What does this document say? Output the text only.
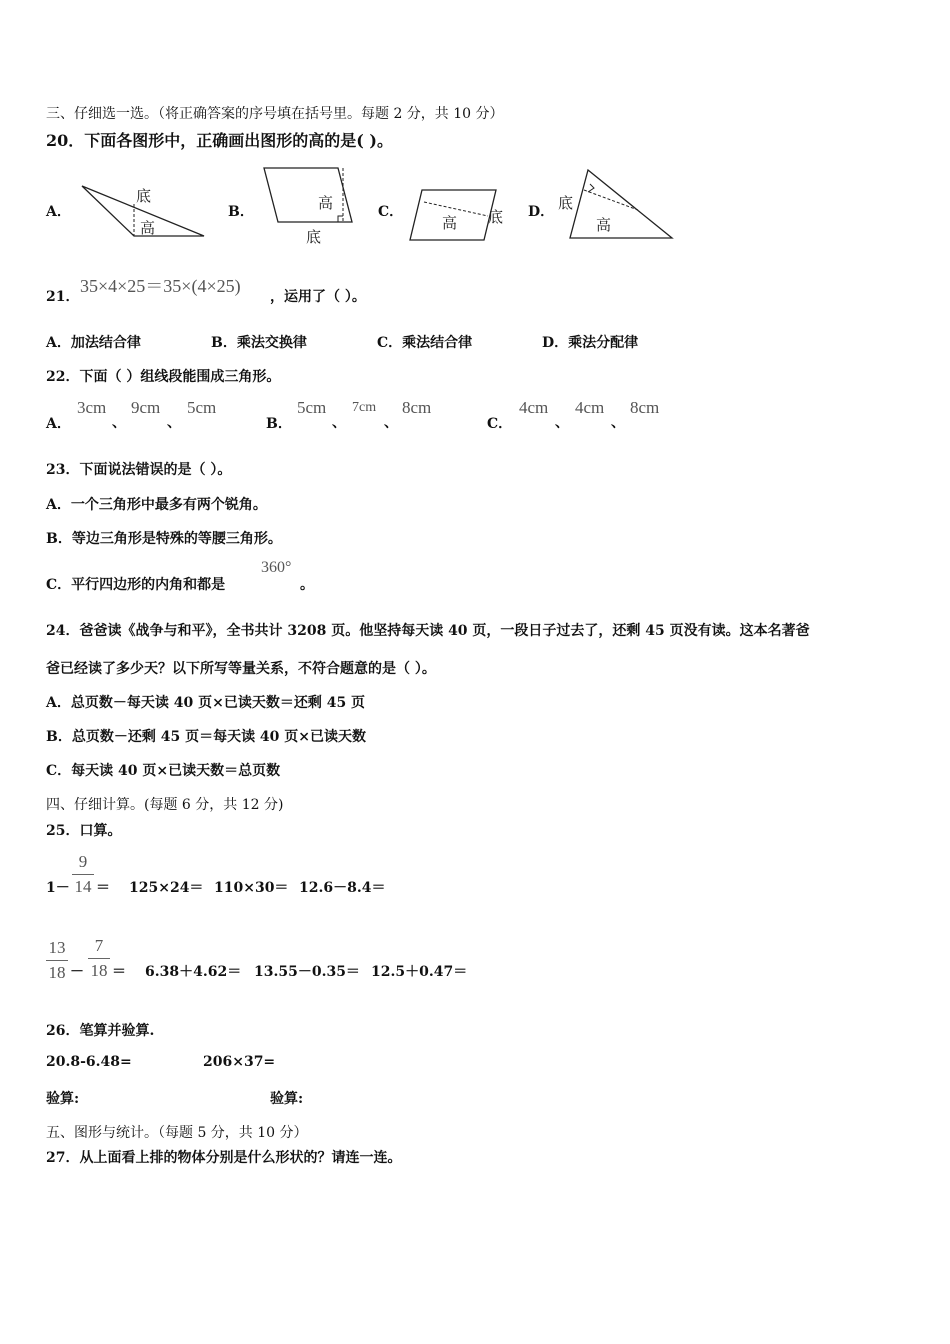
三、仔细选一选。（将正确答案的序号填在括号里。每题 2 分，共 10 分）
20．下面各图形中，正确画出图形的高的是( )。
A．
底
高
B．	高
底
C．
高 底 D． 底
高
21．
35×4×25＝35×(4×25)
，运用了（ ）。
A．加法结合律	B．乘法交换律	C．乘法结合律	D．乘法分配律
22．下面（ ）组线段能围成三角形。
A．
3cm
、
9cm
、
5cm
B．
5cm
、
7cm
、
8cm
C．
4cm
、
4cm
、
8cm
23．下面说法错误的是（ ）。
A．一个三角形中最多有两个锐角。
B．等边三角形是特殊的等腰三角形。
C．平行四边形的内角和都是
360°
。
24．爸爸读《战争与和平》，全书共计 3208 页。他坚持每天读 40 页，一段日子过去了，还剩 45 页没有读。这本名著爸
爸已经读了多少天？以下所写等量关系，不符合题意的是（ ）。
A．总页数－每天读 40 页×已读天数＝还剩 45 页
B．总页数－还剩 45 页＝每天读 40 页×已读天数
C．每天读 40 页×已读天数＝总页数
四、仔细计算。(每题 6 分，共 12 分)
25．口算。
1－
9
14 ＝ 125×24＝ 110×30＝ 12.6－8.4＝
13
18 －
7
18 ＝ 6.38＋4.62＝ 13.55－0.35＝ 12.5＋0.47＝
26．笔算并验算.
20.8-6.48=	206×37=
验算:	验算:
五、图形与统计。（每题 5 分，共 10 分）
27．从上面看上排的物体分别是什么形状的？请连一连。
